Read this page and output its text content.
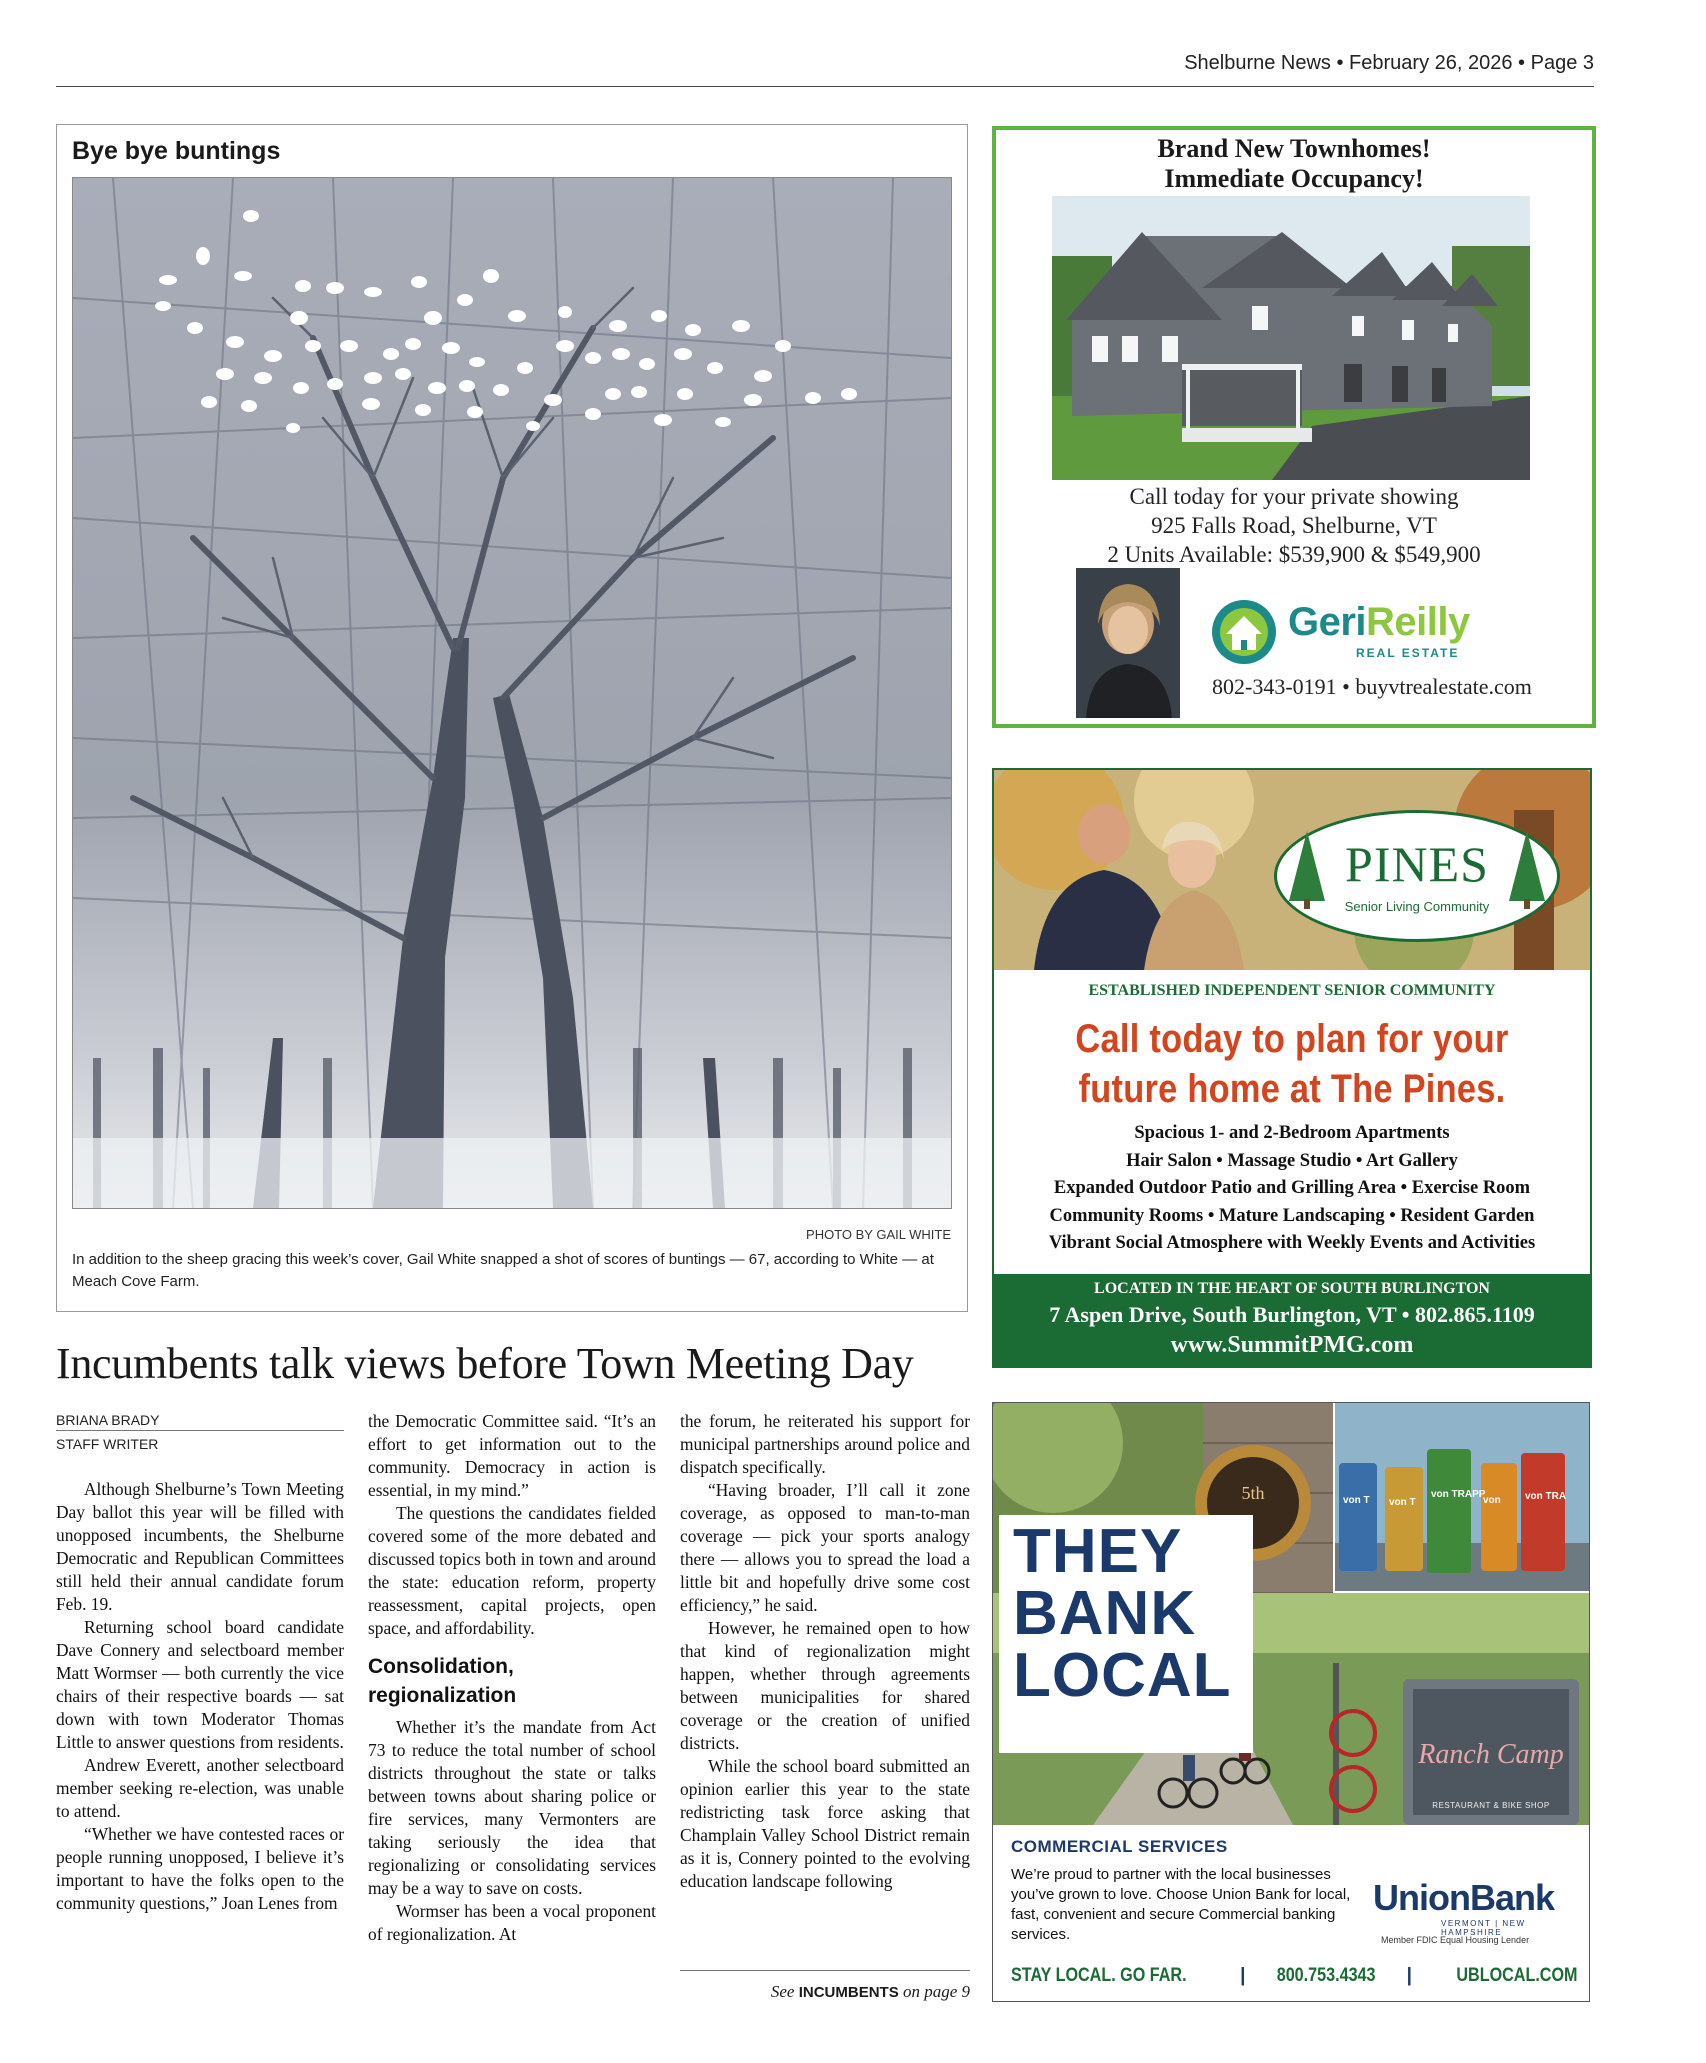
Shelburne News • February 26, 2026 • Page 3
Bye bye buntings
PHOTO BY GAIL WHITE
In addition to the sheep gracing this week’s cover, Gail White snapped a shot of scores of buntings — 67, according to White — at Meach Cove Farm.
Brand New Townhomes!
Immediate Occupancy!
Call today for your private showing
925 Falls Road, Shelburne, VT
2 Units Available: $539,900 & $549,900
GeriReilly
REAL ESTATE
802-343-0191 • buyvtrealestate.com
PINES
Senior Living Community
ESTABLISHED INDEPENDENT SENIOR COMMUNITY
Call today to plan for your
future home at The Pines.
Spacious 1- and 2-Bedroom Apartments
Hair Salon • Massage Studio • Art Gallery
Expanded Outdoor Patio and Grilling Area • Exercise Room
Community Rooms • Mature Landscaping • Resident Garden
Vibrant Social Atmosphere with Weekly Events and Activities
LOCATED IN THE HEART OF SOUTH BURLINGTON
7 Aspen Drive, South Burlington, VT • 802.865.1109
www.SummitPMG.com
5th	von T von T
von TRAPP
von von TRA
Ranch Camp
RESTAURANT & BIKE SHOP
THEY
BANK
LOCAL
COMMERCIAL SERVICES
We’re proud to partner with the local businesses you’ve grown to love. Choose Union Bank for local, fast, convenient and secure Commercial banking services.
UnionBank
VERMONT | NEW HAMPSHIRE
Member FDIC Equal Housing Lender
STAY LOCAL. GO FAR.	| 800.753.4343 | UBLOCAL.COM
Incumbents talk views before Town Meeting Day
BRIANA BRADY
STAFF WRITER

Although Shelburne’s Town Meeting Day ballot this year will be filled with unopposed incumbents, the Shelburne Democratic and Republican Committees still held their annual candidate forum Feb. 19.

Returning school board candidate Dave Connery and selectboard member Matt Wormser — both currently the vice chairs of their respective boards — sat down with town Moderator Thomas Little to answer questions from residents.

Andrew Everett, another selectboard member seeking re-election, was unable to attend.

“Whether we have contested races or people running unopposed, I believe it’s important to have the folks open to the community questions,” Joan Lenes from

the Democratic Committee said. “It’s an effort to get information out to the community. Democracy in action is essential, in my mind.”

The questions the candidates fielded covered some of the more debated and discussed topics both in town and around the state: education reform, property reassessment, capital projects, open space, and affordability.

Consolidation, regionalization

Whether it’s the mandate from Act 73 to reduce the total number of school districts throughout the state or talks between towns about sharing police or fire services, many Vermonters are taking seriously the idea that regionalizing or consolidating services may be a way to save on costs.

Wormser has been a vocal proponent of regionalization. At

the forum, he reiterated his support for municipal partnerships around police and dispatch specifically.

“Having broader, I’ll call it zone coverage, as opposed to man-to-man coverage — pick your sports analogy there — allows you to spread the load a little bit and hopefully drive some cost efficiency,” he said.

However, he remained open to how that kind of regionalization might happen, whether through agreements between municipalities for shared coverage or the creation of unified districts.

While the school board submitted an opinion earlier this year to the state redistricting task force asking that Champlain Valley School District remain as it is, Connery pointed to the evolving education landscape following

See INCUMBENTS on page 9
